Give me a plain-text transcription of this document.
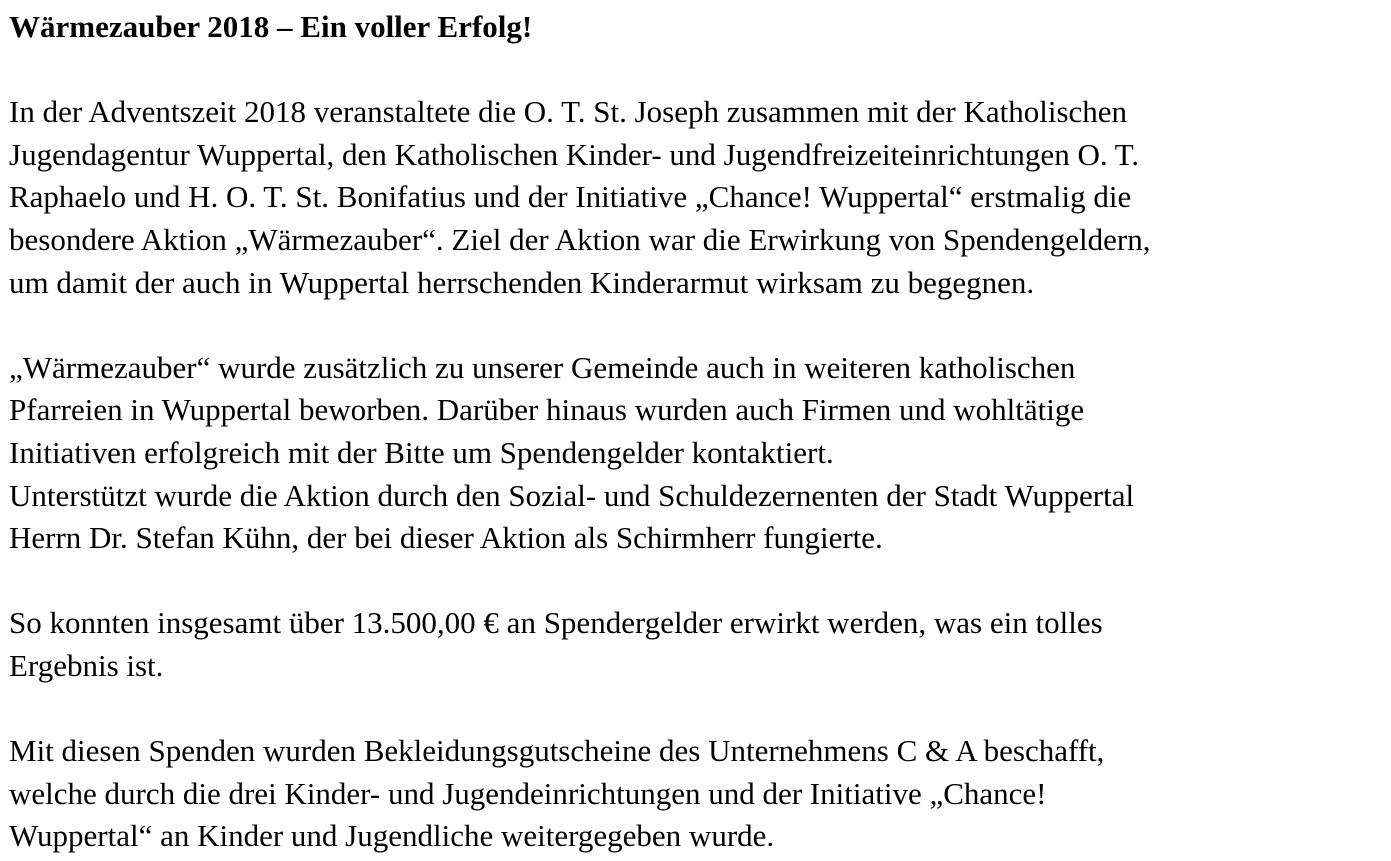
Wärmezauber 2018 – Ein voller Erfolg!
In der Adventszeit 2018 veranstaltete die O. T. St. Joseph zusammen mit der Katholischen
Jugendagentur Wuppertal, den Katholischen Kinder- und Jugendfreizeiteinrichtungen O. T.
Raphaelo und H. O. T. St. Bonifatius und der Initiative „Chance! Wuppertal“ erstmalig die
besondere Aktion „Wärmezauber“. Ziel der Aktion war die Erwirkung von Spendengeldern,
um damit der auch in Wuppertal herrschenden Kinderarmut wirksam zu begegnen.
„Wärmezauber“ wurde zusätzlich zu unserer Gemeinde auch in weiteren katholischen
Pfarreien in Wuppertal beworben. Darüber hinaus wurden auch Firmen und wohltätige
Initiativen erfolgreich mit der Bitte um Spendengelder kontaktiert.
Unterstützt wurde die Aktion durch den Sozial- und Schuldezernenten der Stadt Wuppertal
Herrn Dr. Stefan Kühn, der bei dieser Aktion als Schirmherr fungierte.
So konnten insgesamt über 13.500,00 € an Spendergelder erwirkt werden, was ein tolles
Ergebnis ist.
Mit diesen Spenden wurden Bekleidungsgutscheine des Unternehmens C & A beschafft,
welche durch die drei Kinder- und Jugendeinrichtungen und der Initiative „Chance!
Wuppertal“ an Kinder und Jugendliche weitergegeben wurde.
